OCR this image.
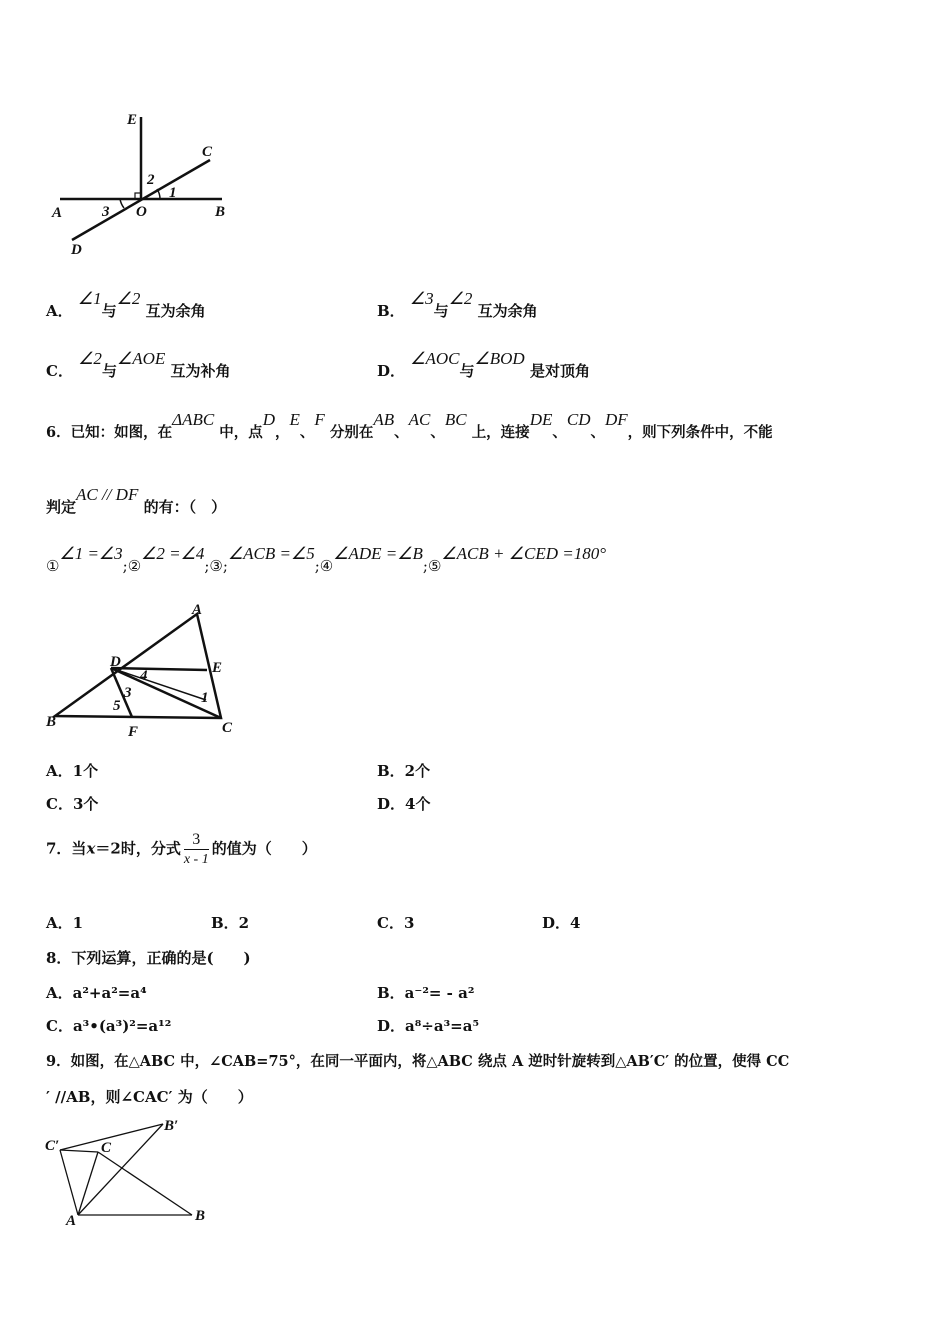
E
C
2
1
A	3 O	B
D
A
D	E
4
3
5	1
B
F	C
C′
B′
C
A	B
A． ∠1与∠2 互为余角	B． ∠3与∠2 互为余角
C． ∠2与∠AOE 互为补角	D． ∠AOC与∠BOD 是对顶角
6．已知：如图，在ΔABC 中，点D，E、F 分别在AB、AC、BC 上，连接DE、CD、DF，则下列条件中，不能
判定AC // DF 的有：（　）
①∠1 =∠3;②∠2 =∠4;③;∠ACB =∠5;④∠ADE =∠B;⑤∠ACB + ∠CED =180°
A．1个	B．2个
C．3个	D．4个
7．当x＝2时，分式 $\frac{3}{x - 1}$ 的值为（　　）
A．1	B．2	C．3	D．4
8．下列运算，正确的是(　　)
A．a²+a²=a⁴	B．a⁻²= - a²
C．a³•(a³)²=a¹²	D．a⁸÷a³=a⁵
9．如图，在△ABC 中，∠CAB=75°，在同一平面内，将△ABC 绕点 A 逆时针旋转到△AB′C′ 的位置，使得 CC
′ //AB，则∠CAC′ 为（　　）
